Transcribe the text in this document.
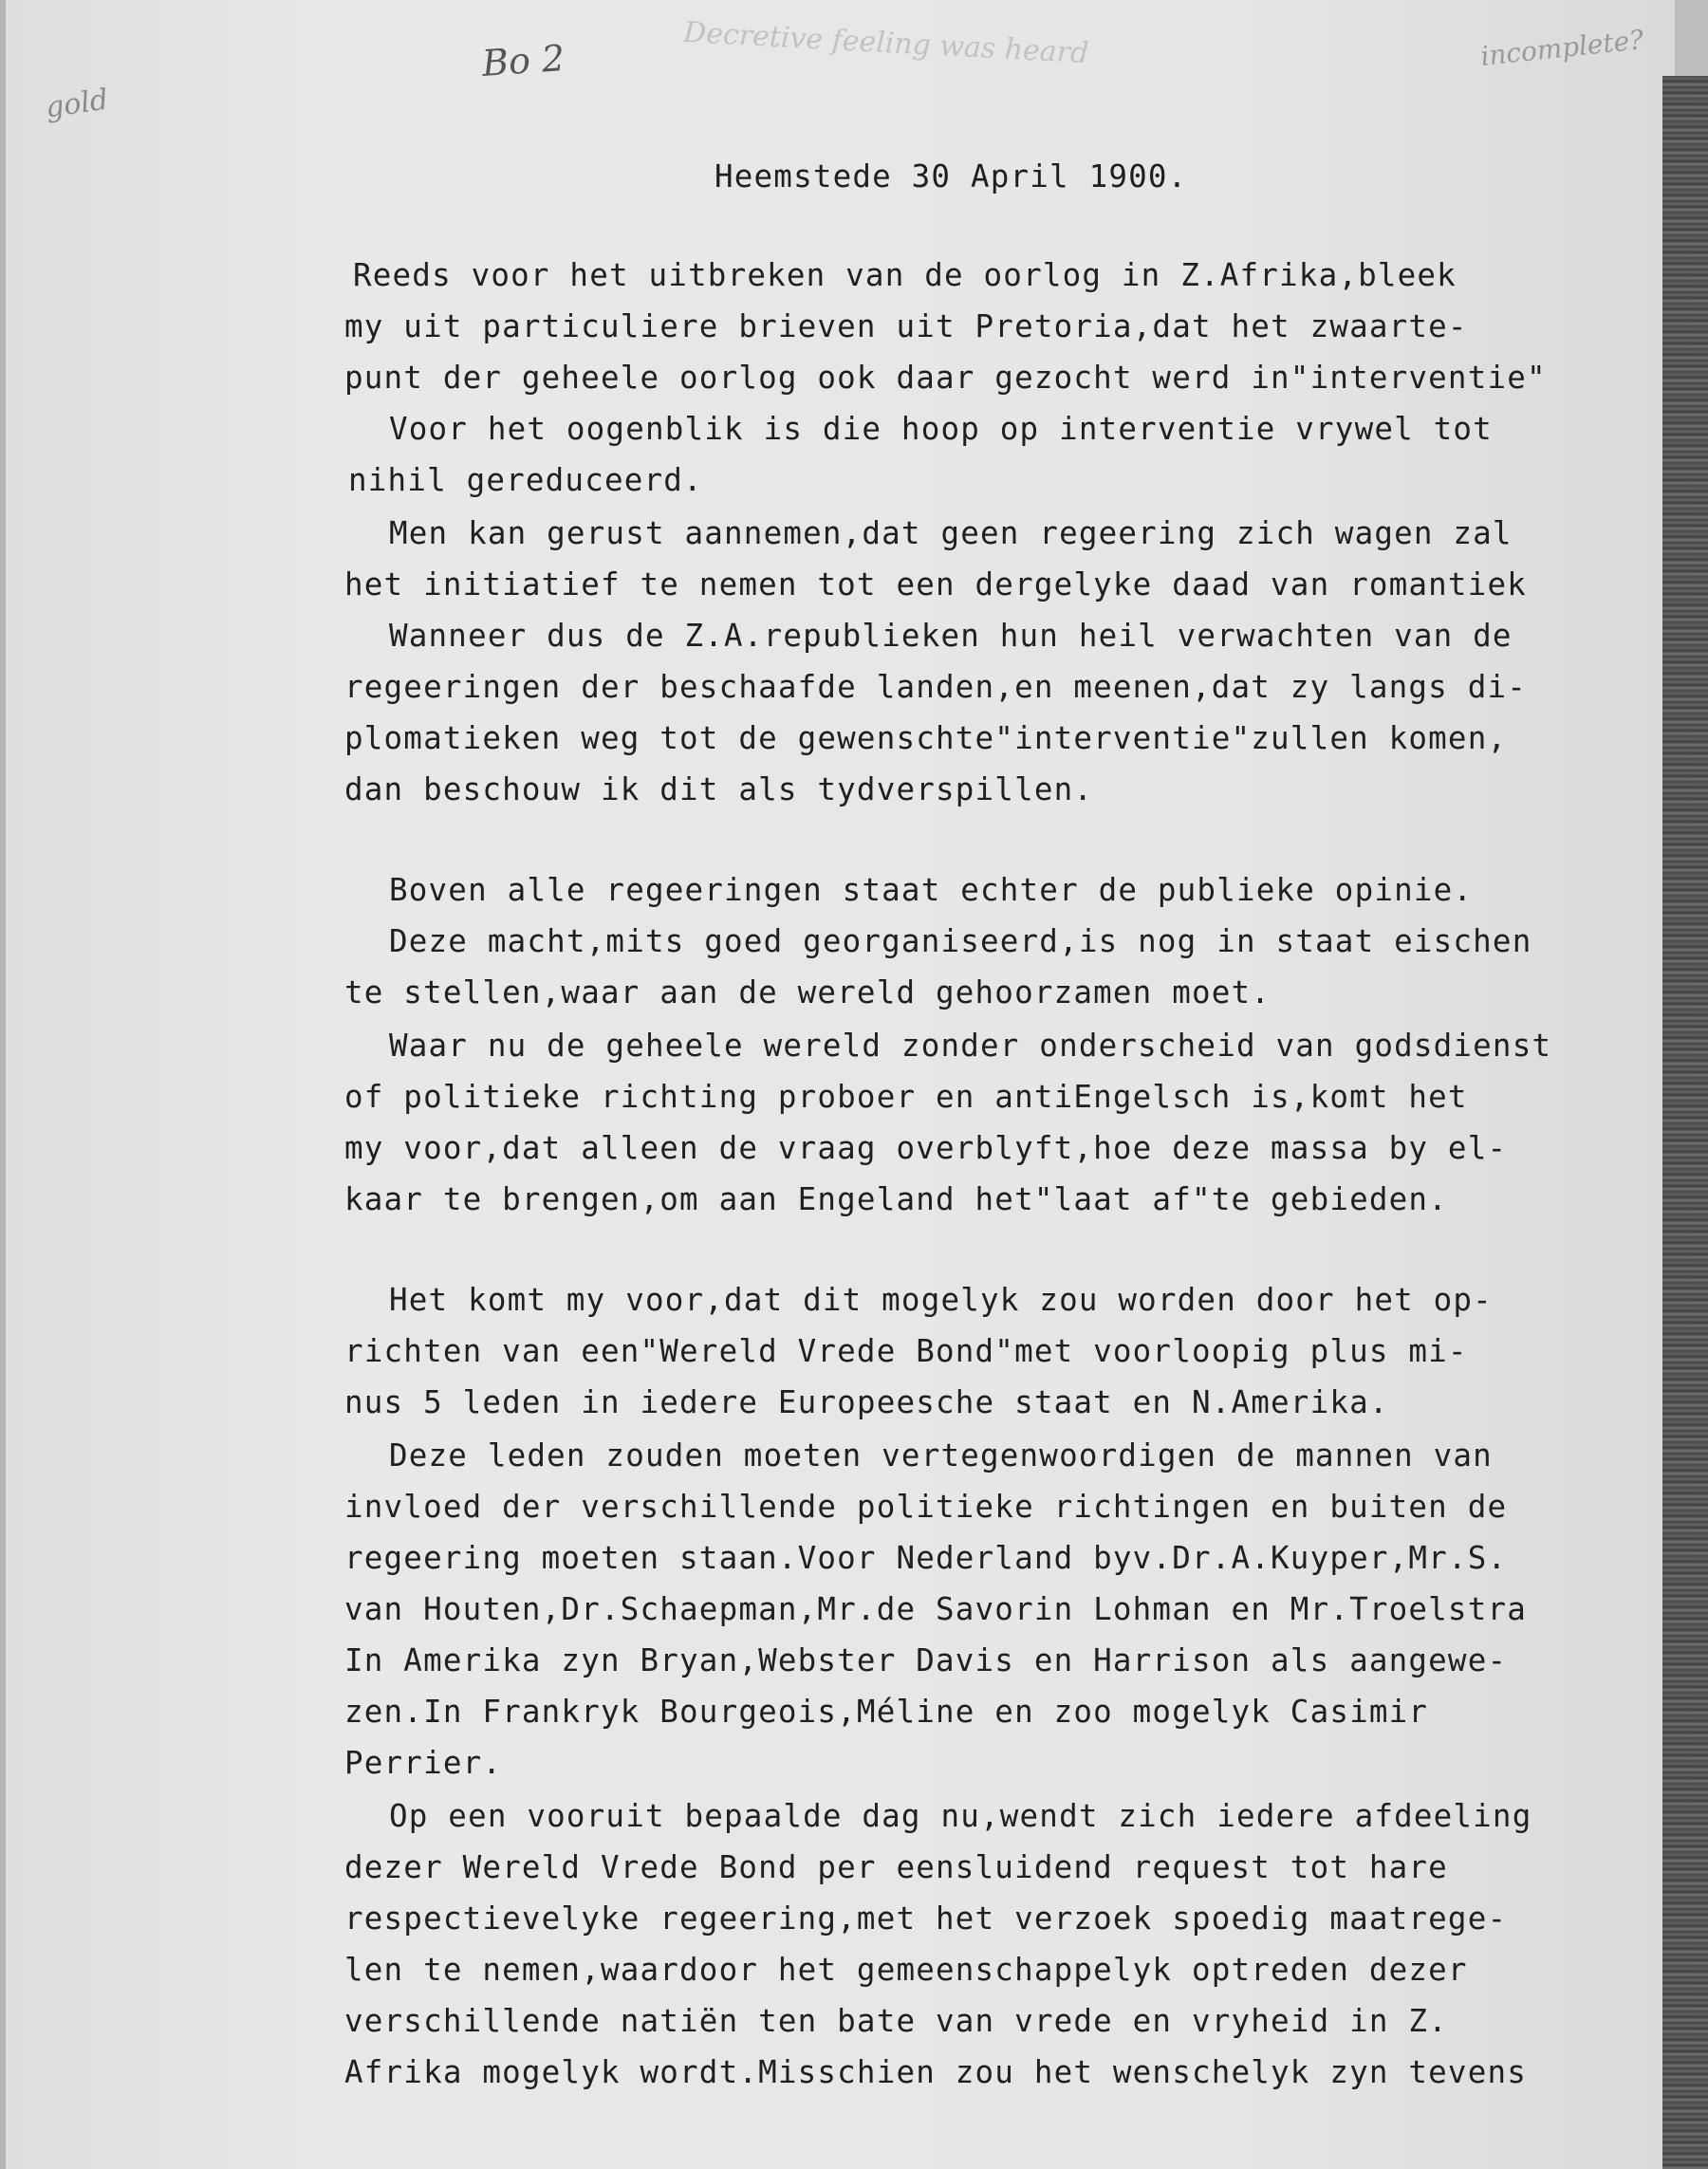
gold
Bo 2	Decretive feeling was heard	incomplete?
Heemstede 30 April 1900.
Reeds voor het uitbreken van de oorlog in Z.Afrika,bleek
my uit particuliere brieven uit Pretoria,dat het zwaarte-
punt der geheele oorlog ook daar gezocht werd in"interventie"
Voor het oogenblik is die hoop op interventie vrywel tot
nihil gereduceerd.
Men kan gerust aannemen,dat geen regeering zich wagen zal
het initiatief te nemen tot een dergelyke daad van romantiek
Wanneer dus de Z.A.republieken hun heil verwachten van de
regeeringen der beschaafde landen,en meenen,dat zy langs di-
plomatieken weg tot de gewenschte"interventie"zullen komen,
dan beschouw ik dit als tydverspillen.
Boven alle regeeringen staat echter de publieke opinie.
Deze macht,mits goed georganiseerd,is nog in staat eischen
te stellen,waar aan de wereld gehoorzamen moet.
Waar nu de geheele wereld zonder onderscheid van godsdienst
of politieke richting proboer en antiEngelsch is,komt het
my voor,dat alleen de vraag overblyft,hoe deze massa by el-
kaar te brengen,om aan Engeland het"laat af"te gebieden.
Het komt my voor,dat dit mogelyk zou worden door het op-
richten van een"Wereld Vrede Bond"met voorloopig plus mi-
nus 5 leden in iedere Europeesche staat en N.Amerika.
Deze leden zouden moeten vertegenwoordigen de mannen van
invloed der verschillende politieke richtingen en buiten de
regeering moeten staan.Voor Nederland byv.Dr.A.Kuyper,Mr.S.
van Houten,Dr.Schaepman,Mr.de Savorin Lohman en Mr.Troelstra
In Amerika zyn Bryan,Webster Davis en Harrison als aangewe-
zen.In Frankryk Bourgeois,Méline en zoo mogelyk Casimir
Perrier.
Op een vooruit bepaalde dag nu,wendt zich iedere afdeeling
dezer Wereld Vrede Bond per eensluidend request tot hare
respectievelyke regeering,met het verzoek spoedig maatrege-
len te nemen,waardoor het gemeenschappelyk optreden dezer
verschillende natiën ten bate van vrede en vryheid in Z.
Afrika mogelyk wordt.Misschien zou het wenschelyk zyn tevens
